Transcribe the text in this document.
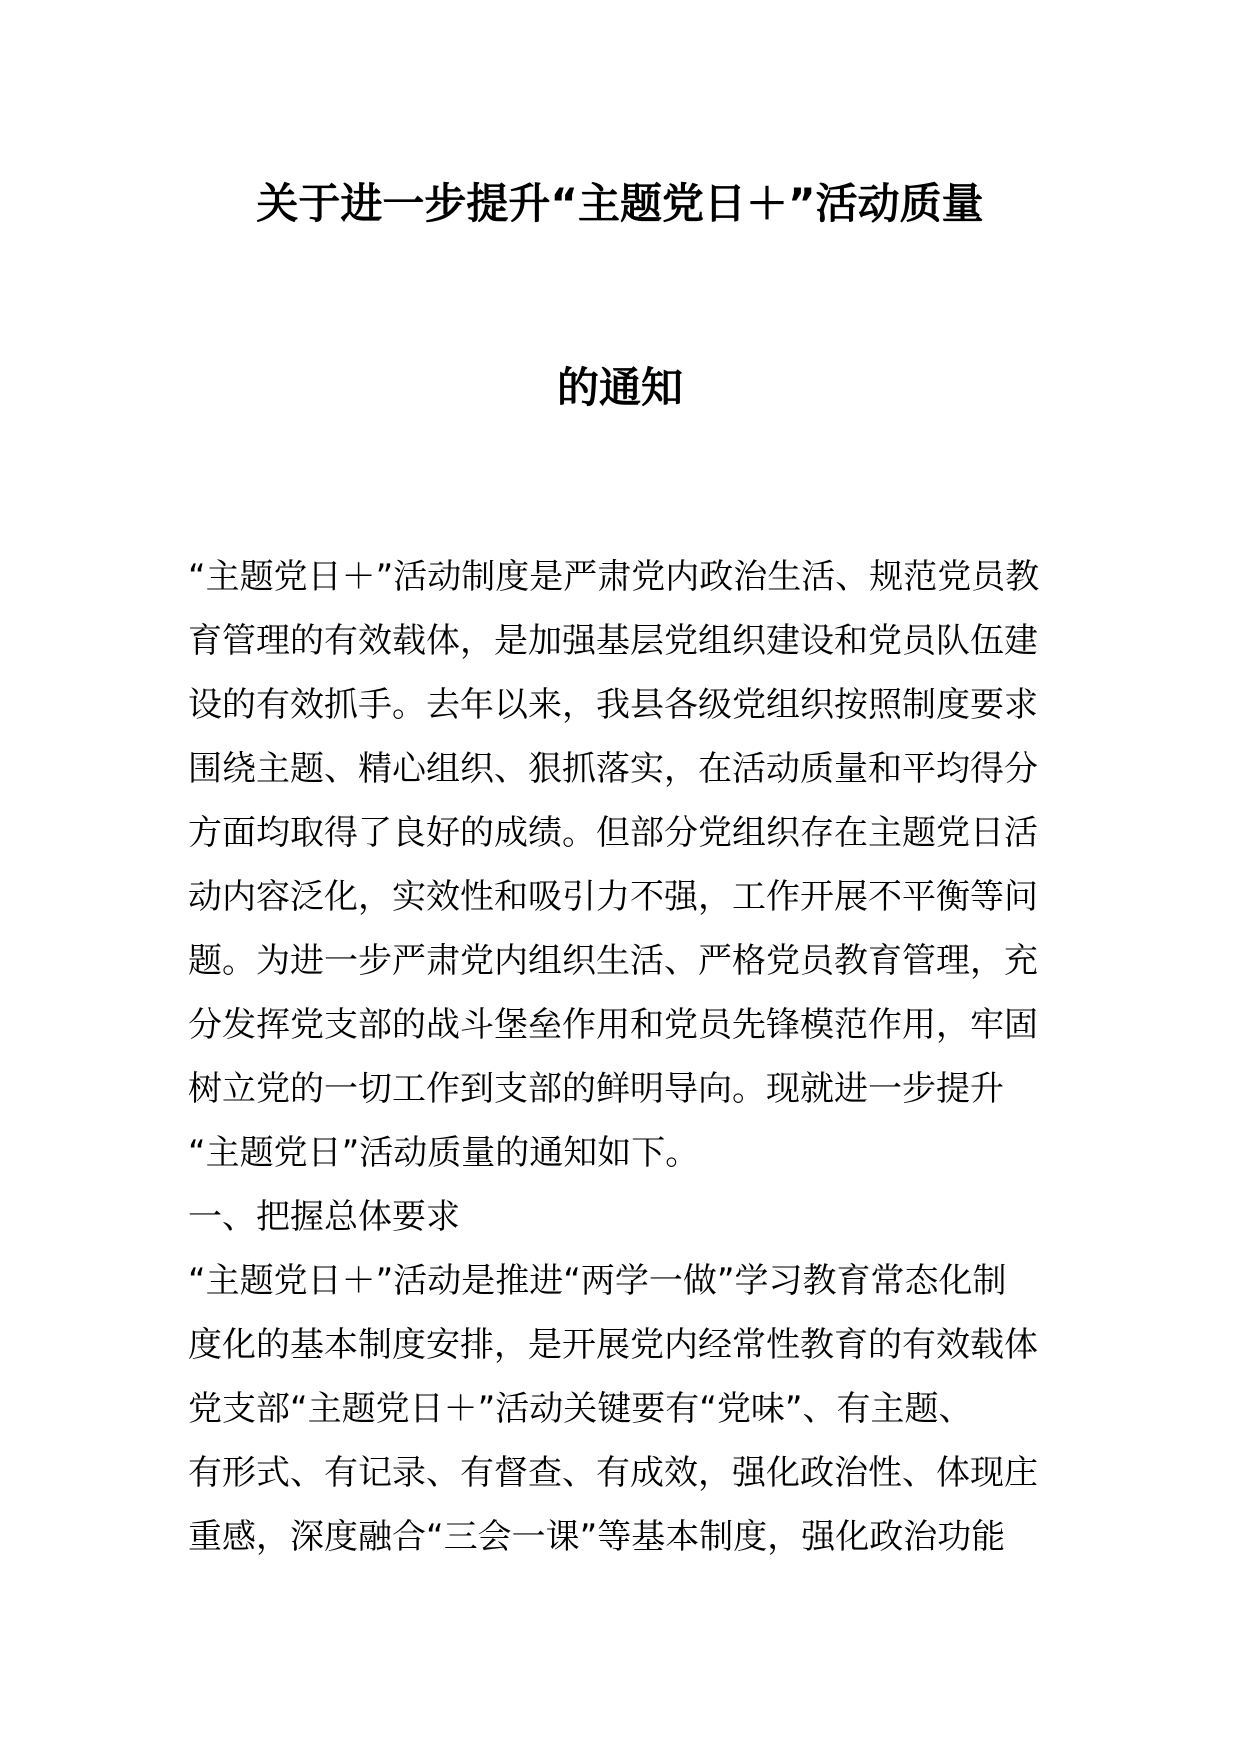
关于进一步提升“主题党日＋”活动质量
的通知
“主题党日＋”活动制度是严肃党内政治生活、规范党员教
育管理的有效载体，是加强基层党组织建设和党员队伍建
设的有效抓手。去年以来，我县各级党组织按照制度要求
围绕主题、精心组织、狠抓落实，在活动质量和平均得分
方面均取得了良好的成绩。但部分党组织存在主题党日活
动内容泛化，实效性和吸引力不强，工作开展不平衡等问
题。为进一步严肃党内组织生活、严格党员教育管理，充
分发挥党支部的战斗堡垒作用和党员先锋模范作用，牢固
树立党的一切工作到支部的鲜明导向。现就进一步提升
“主题党日”活动质量的通知如下。
一、把握总体要求
“主题党日＋”活动是推进“两学一做”学习教育常态化制
度化的基本制度安排，是开展党内经常性教育的有效载体
党支部“主题党日＋”活动关键要有“党味”、有主题、
有形式、有记录、有督查、有成效，强化政治性、体现庄
重感，深度融合“三会一课”等基本制度，强化政治功能
